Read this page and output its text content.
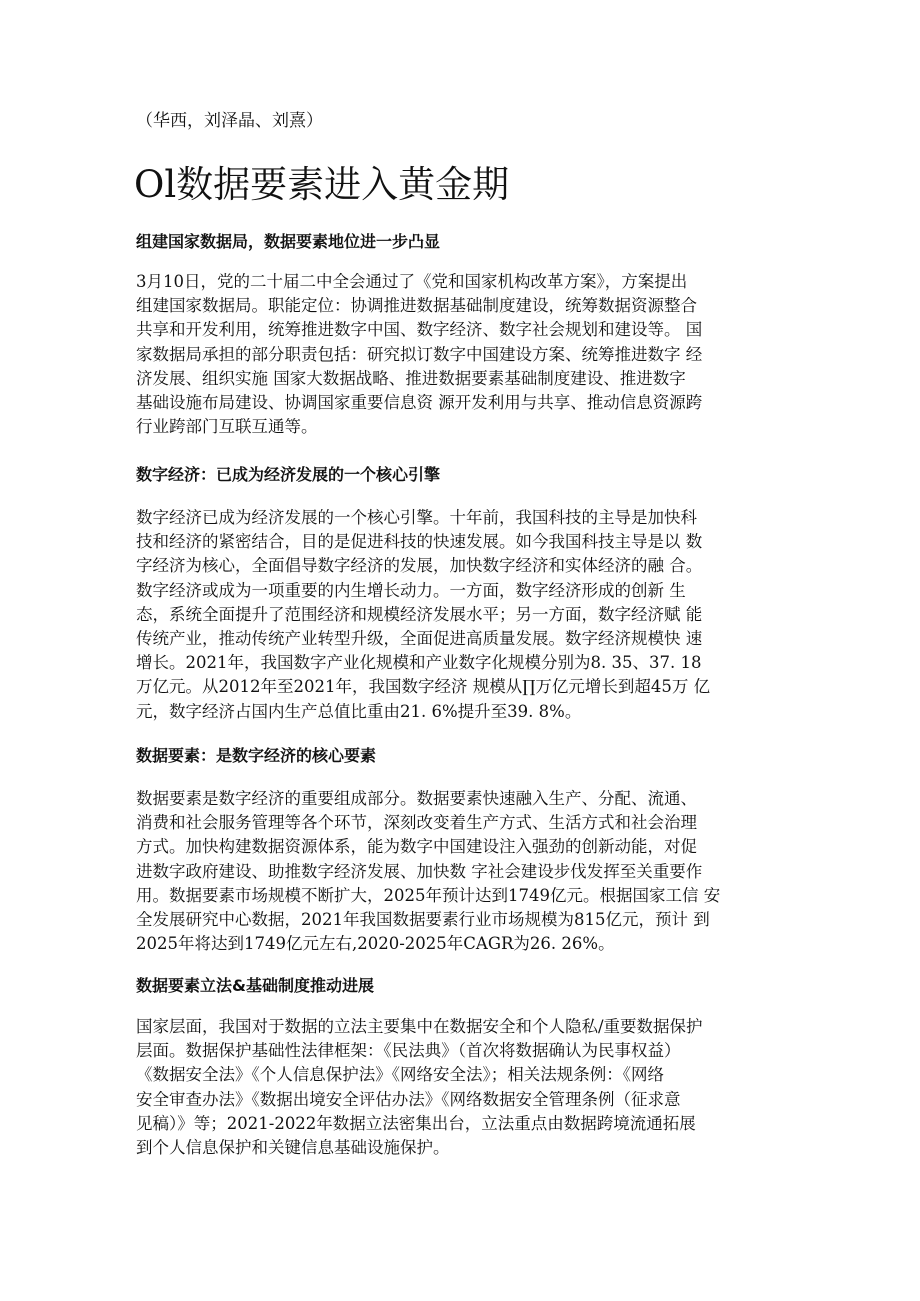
（华西，刘泽晶、刘熹）
Ol数据要素进入黄金期
组建国家数据局，数据要素地位进一步凸显
3月10日，党的二十届二中全会通过了《党和国家机构改革方案》，方案提出
组建国家数据局。职能定位：协调推进数据基础制度建设，统筹数据资源整合
共享和开发利用，统筹推进数字中国、数字经济、数字社会规划和建设等。 国
家数据局承担的部分职责包括：研究拟订数字中国建设方案、统筹推进数字 经
济发展、组织实施 国家大数据战略、推进数据要素基础制度建设、推进数字
基础设施布局建设、协调国家重要信息资 源开发利用与共享、推动信息资源跨
行业跨部门互联互通等。
数字经济：已成为经济发展的一个核心引擎
数字经济已成为经济发展的一个核心引擎。十年前，我国科技的主导是加快科
技和经济的紧密结合，目的是促进科技的快速发展。如今我国科技主导是以 数
字经济为核心，全面倡导数字经济的发展，加快数字经济和实体经济的融 合。
数字经济或成为一项重要的内生增长动力。一方面，数字经济形成的创新 生
态，系统全面提升了范围经济和规模经济发展水平；另一方面，数字经济赋 能
传统产业，推动传统产业转型升级，全面促进高质量发展。数字经济规模快 速
增长。2021年，我国数字产业化规模和产业数字化规模分别为8. 35、37. 18
万亿元。从2012年至2021年，我国数字经济 规模从∏万亿元增长到超45万 亿
元，数字经济占国内生产总值比重由21. 6%提升至39. 8%。
数据要素：是数字经济的核心要素
数据要素是数字经济的重要组成部分。数据要素快速融入生产、分配、流通、
消费和社会服务管理等各个环节，深刻改变着生产方式、生活方式和社会治理
方式。加快构建数据资源体系，能为数字中国建设注入强劲的创新动能，对促
进数字政府建设、助推数字经济发展、加快数 字社会建设步伐发挥至关重要作
用。数据要素市场规模不断扩大，2025年预计达到1749亿元。根据国家工信 安
全发展研究中心数据，2021年我国数据要素行业市场规模为815亿元，预计 到
2025年将达到1749亿元左右,2020-2025年CAGR为26. 26%。
数据要素立法&基础制度推动进展
国家层面，我国对于数据的立法主要集中在数据安全和个人隐私/重要数据保护
层面。数据保护基础性法律框架：《民法典》（首次将数据确认为民事权益）
《数据安全法》《个人信息保护法》《网络安全法》；相关法规条例：《网络
安全审查办法》《数据出境安全评估办法》《网络数据安全管理条例（征求意
见稿）》等；2021-2022年数据立法密集出台，立法重点由数据跨境流通拓展
到个人信息保护和关键信息基础设施保护。
